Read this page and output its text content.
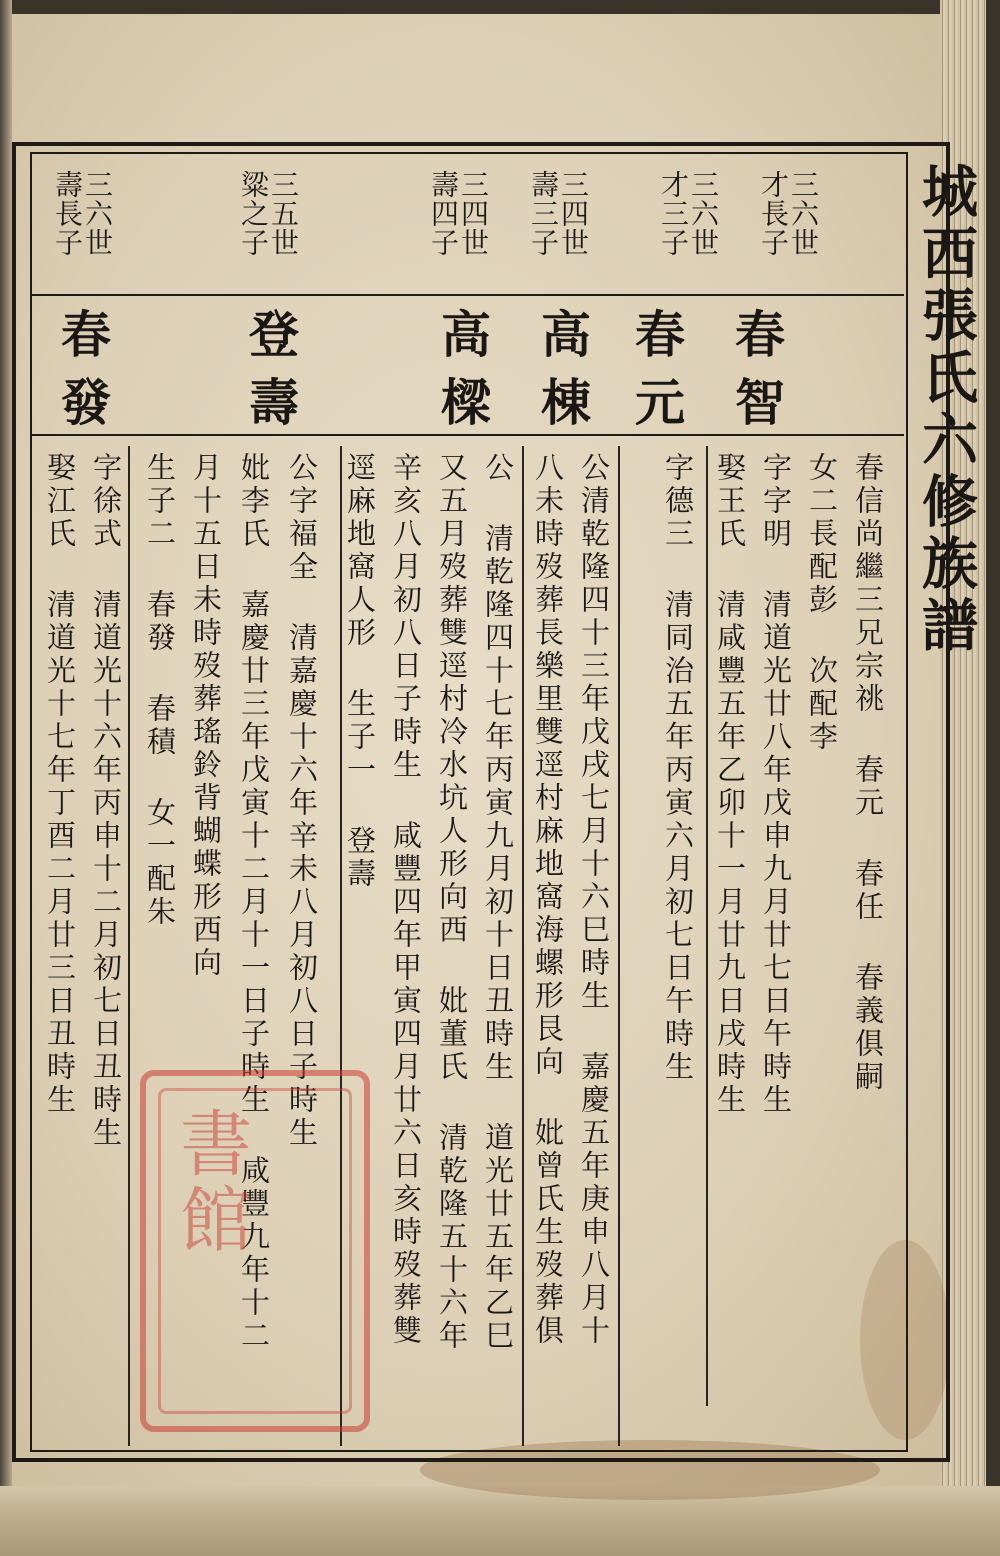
城西張氏六修族譜
三六世
才長子
三六世
才三子
三四世
壽三子
三四世
壽四子
三五世
粱之子
三六世
壽長子
春智
春元
高棟
高樑
登壽
春發
春信尚繼三兄宗祧 春元 春任 春義俱嗣
女二長配彭 次配李
字字明 清道光廿八年戊申九月廿七日午時生
娶王氏 清咸豐五年乙卯十一月廿九日戌時生
字德三 清同治五年丙寅六月初七日午時生
公清乾隆四十三年戊戌七月十六巳時生 嘉慶五年庚申八月十
八未時歿葬長樂里雙逕村麻地窩海螺形艮向 妣曾氏生歿葬俱
公 清乾隆四十七年丙寅九月初十日丑時生 道光廿五年乙巳
又五月歿葬雙逕村冷水坑人形向西 妣董氏 清乾隆五十六年
辛亥八月初八日子時生 咸豐四年甲寅四月廿六日亥時歿葬雙
逕麻地窩人形 生子一 登壽
公字福全 清嘉慶十六年辛未八月初八日子時生
妣李氏 嘉慶廿三年戊寅十二月十一日子時生 咸豐九年十二
月十五日未時歿葬瑤鈴背蝴蝶形西向
生子二 春發 春積 女一配朱
字徐式 清道光十六年丙申十二月初七日丑時生
娶江氏 清道光十七年丁酉二月廿三日丑時生
書館
